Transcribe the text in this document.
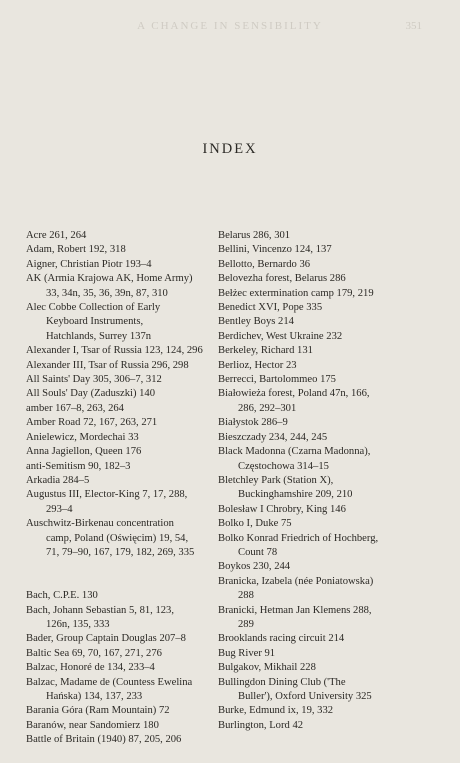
A CHANGE IN SENSIBILITY	351
INDEX
Acre 261, 264
Adam, Robert 192, 318
Aigner, Christian Piotr 193–4
AK (Armia Krajowa AK, Home Army)
33, 34n, 35, 36, 39n, 87, 310
Alec Cobbe Collection of Early
Keyboard Instruments,
Hatchlands, Surrey 137n
Alexander I, Tsar of Russia 123, 124, 296
Alexander III, Tsar of Russia 296, 298
All Saints' Day 305, 306–7, 312
All Souls' Day (Zaduszki) 140
amber 167–8, 263, 264
Amber Road 72, 167, 263, 271
Anielewicz, Mordechai 33
Anna Jagiellon, Queen 176
anti-Semitism 90, 182–3
Arkadia 284–5
Augustus III, Elector-King 7, 17, 288,
293–4
Auschwitz-Birkenau concentration
camp, Poland (Oświęcim) 19, 54,
71, 79–90, 167, 179, 182, 269, 335
Bach, C.P.E. 130
Bach, Johann Sebastian 5, 81, 123,
126n, 135, 333
Bader, Group Captain Douglas 207–8
Baltic Sea 69, 70, 167, 271, 276
Balzac, Honoré de 134, 233–4
Balzac, Madame de (Countess Ewelina
Hańska) 134, 137, 233
Barania Góra (Ram Mountain) 72
Baranów, near Sandomierz 180
Battle of Britain (1940) 87, 205, 206
Belarus 286, 301
Bellini, Vincenzo 124, 137
Bellotto, Bernardo 36
Belovezha forest, Belarus 286
Bełżec extermination camp 179, 219
Benedict XVI, Pope 335
Bentley Boys 214
Berdichev, West Ukraine 232
Berkeley, Richard 131
Berlioz, Hector 23
Berrecci, Bartolommeo 175
Białowieża forest, Poland 47n, 166,
286, 292–301
Białystok 286–9
Bieszczady 234, 244, 245
Black Madonna (Czarna Madonna),
Częstochowa 314–15
Bletchley Park (Station X),
Buckinghamshire 209, 210
Bolesław I Chrobry, King 146
Bolko I, Duke 75
Bolko Konrad Friedrich of Hochberg,
Count 78
Boykos 230, 244
Branicka, Izabela (née Poniatowska)
288
Branicki, Hetman Jan Klemens 288,
289
Brooklands racing circuit 214
Bug River 91
Bulgakov, Mikhail 228
Bullingdon Dining Club ('The
Buller'), Oxford University 325
Burke, Edmund ix, 19, 332
Burlington, Lord 42
